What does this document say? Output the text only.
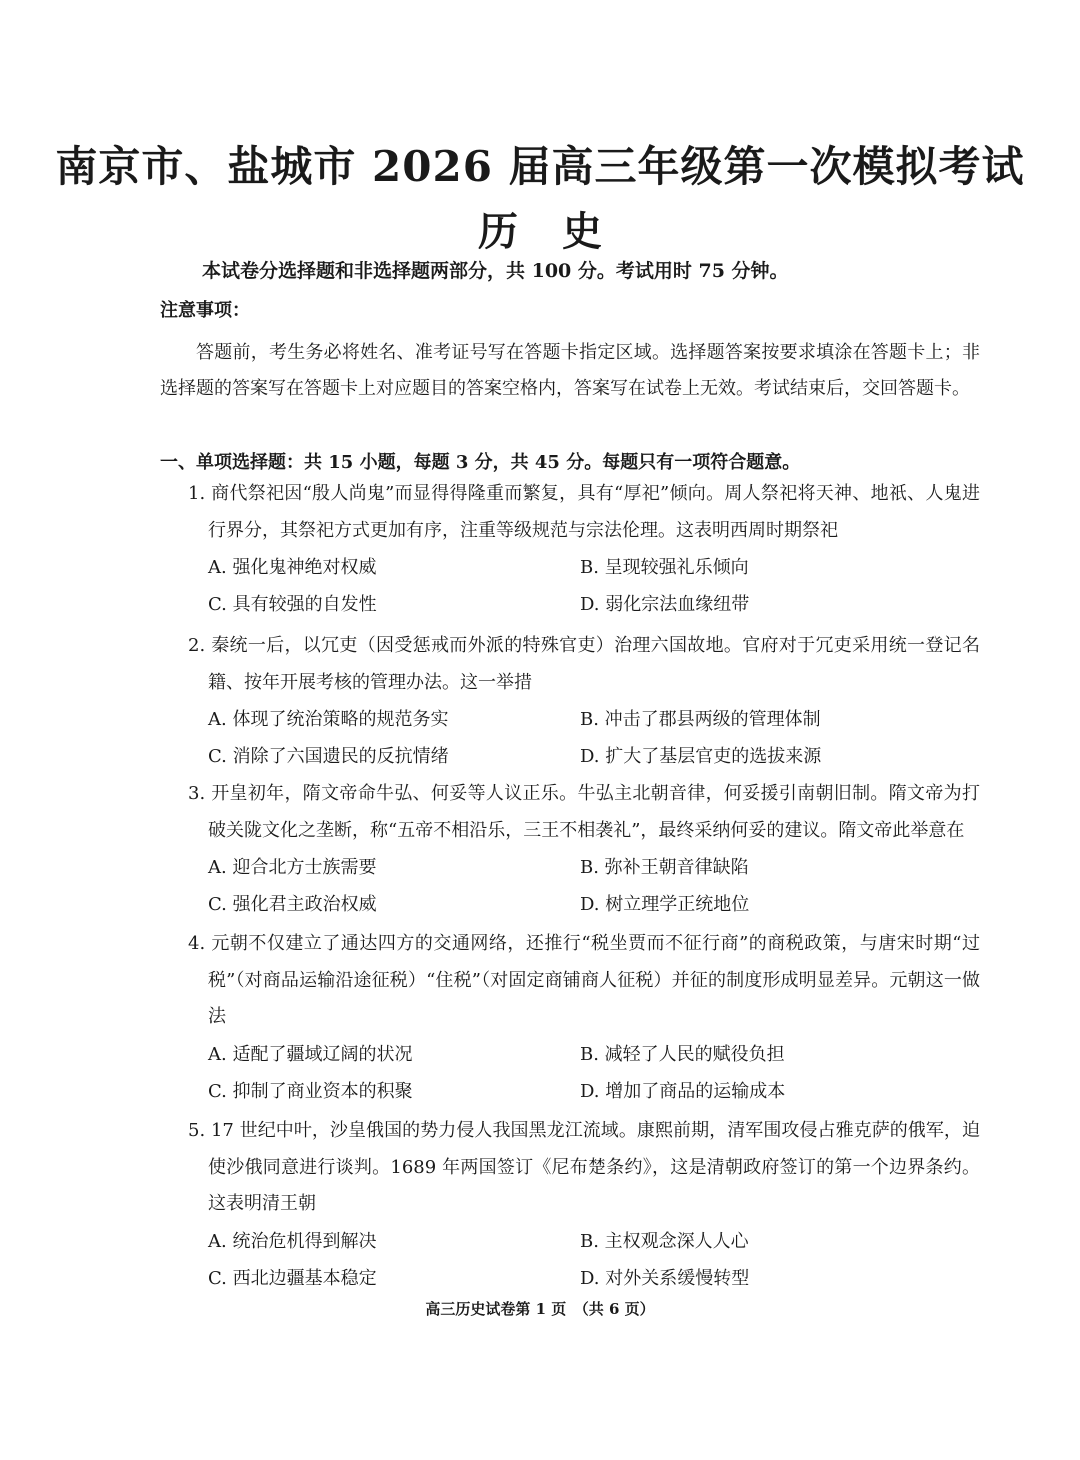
南京市、盐城市 2026 届高三年级第一次模拟考试
历 史
本试卷分选择题和非选择题两部分，共 100 分。考试用时 75 分钟。
注意事项：
答题前，考生务必将姓名、准考证号写在答题卡指定区域。选择题答案按要求填涂在答题卡上；非选择题的答案写在答题卡上对应题目的答案空格内，答案写在试卷上无效。考试结束后，交回答题卡。
一、单项选择题：共 15 小题，每题 3 分，共 45 分。每题只有一项符合题意。
1. 商代祭祀因“殷人尚鬼”而显得得隆重而繁复，具有“厚祀”倾向。周人祭祀将天神、地祇、人鬼进行界分，其祭祀方式更加有序，注重等级规范与宗法伦理。这表明西周时期祭祀
A. 强化鬼神绝对权威	B. 呈现较强礼乐倾向
C. 具有较强的自发性	D. 弱化宗法血缘纽带
2. 秦统一后，以冗吏（因受惩戒而外派的特殊官吏）治理六国故地。官府对于冗吏采用统一登记名籍、按年开展考核的管理办法。这一举措
A. 体现了统治策略的规范务实	B. 冲击了郡县两级的管理体制
C. 消除了六国遗民的反抗情绪	D. 扩大了基层官吏的选拔来源
3. 开皇初年，隋文帝命牛弘、何妥等人议正乐。牛弘主北朝音律，何妥援引南朝旧制。隋文帝为打破关陇文化之垄断，称“五帝不相沿乐，三王不相袭礼”，最终采纳何妥的建议。隋文帝此举意在
A. 迎合北方士族需要	B. 弥补王朝音律缺陷
C. 强化君主政治权威	D. 树立理学正统地位
4. 元朝不仅建立了通达四方的交通网络，还推行“税坐贾而不征行商”的商税政策，与唐宋时期“过税”（对商品运输沿途征税）“住税”（对固定商铺商人征税）并征的制度形成明显差异。元朝这一做法
A. 适配了疆域辽阔的状况	B. 减轻了人民的赋役负担
C. 抑制了商业资本的积聚	D. 增加了商品的运输成本
5. 17 世纪中叶，沙皇俄国的势力侵人我国黑龙江流域。康熙前期，清军围攻侵占雅克萨的俄军，迫使沙俄同意进行谈判。1689 年两国签订《尼布楚条约》，这是清朝政府签订的第一个边界条约。这表明清王朝
A. 统治危机得到解决	B. 主权观念深人人心
C. 西北边疆基本稳定	D. 对外关系缓慢转型
高三历史试卷第 1 页　（共 6 页）
